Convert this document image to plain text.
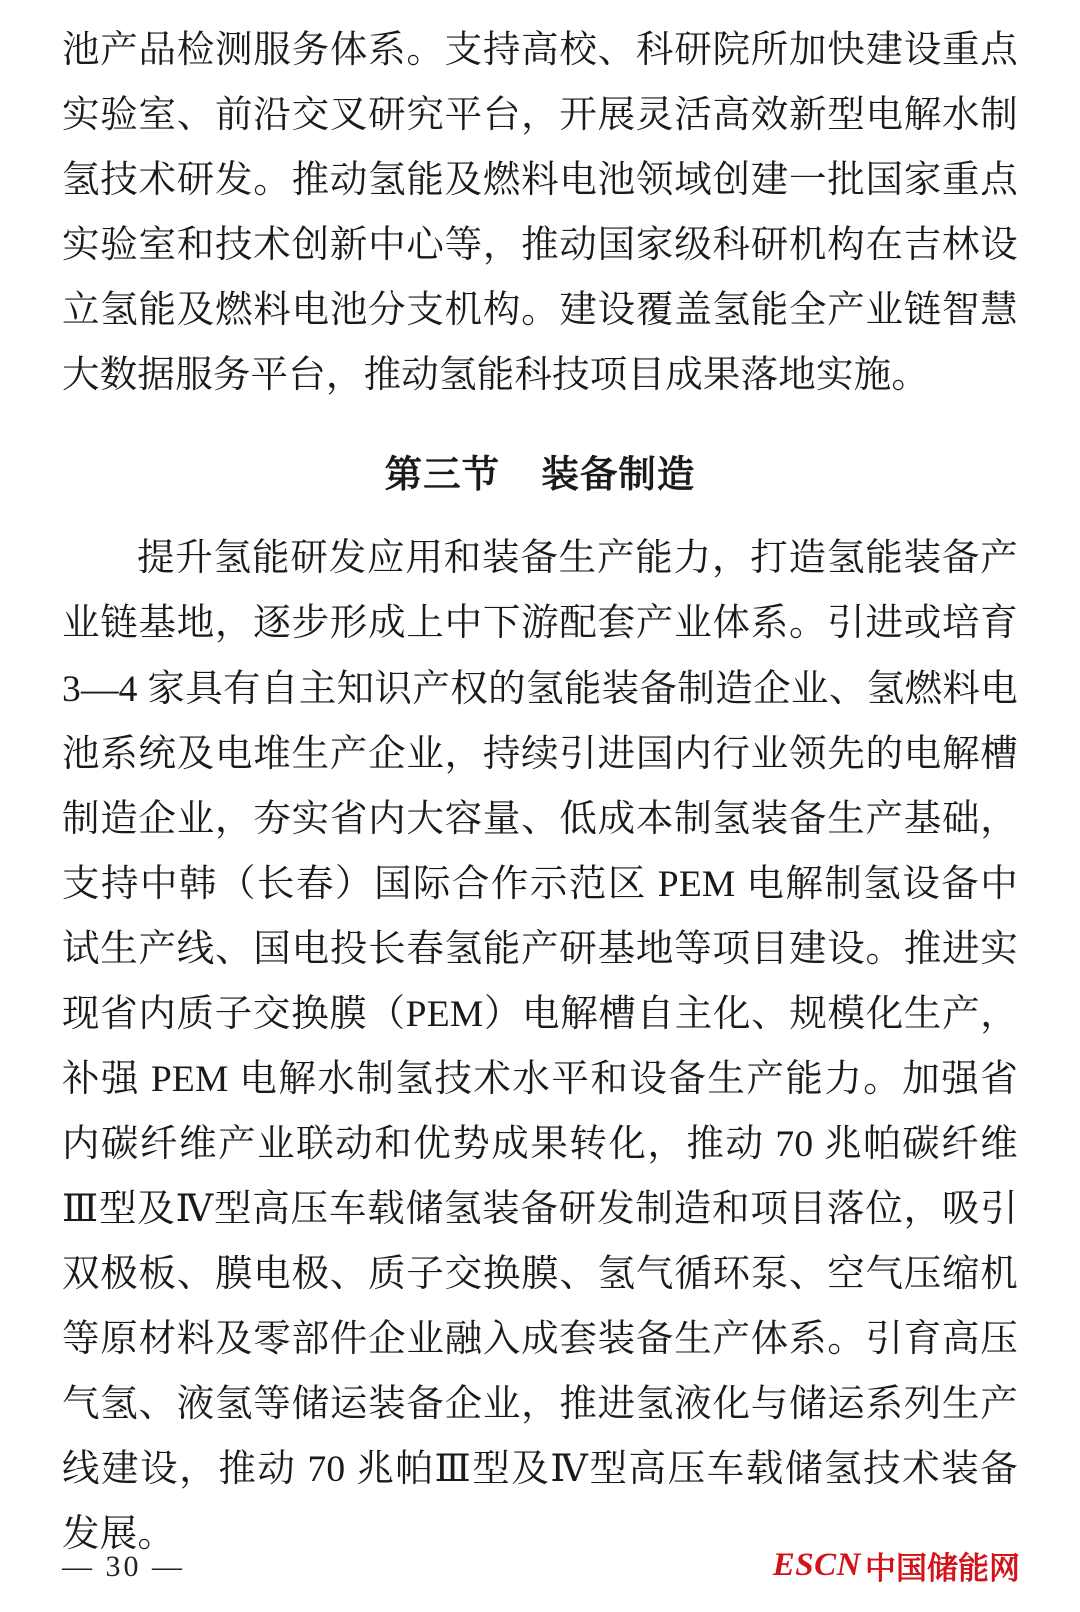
池产品检测服务体系。支持高校、科研院所加快建设重点实验室、前沿交叉研究平台，开展灵活高效新型电解水制氢技术研发。推动氢能及燃料电池领域创建一批国家重点实验室和技术创新中心等，推动国家级科研机构在吉林设立氢能及燃料电池分支机构。建设覆盖氢能全产业链智慧大数据服务平台，推动氢能科技项目成果落地实施。

第三节 装备制造

提升氢能研发应用和装备生产能力，打造氢能装备产业链基地，逐步形成上中下游配套产业体系。引进或培育 3—4 家具有自主知识产权的氢能装备制造企业、氢燃料电池系统及电堆生产企业，持续引进国内行业领先的电解槽制造企业，夯实省内大容量、低成本制氢装备生产基础，支持中韩（长春）国际合作示范区 PEM 电解制氢设备中试生产线、国电投长春氢能产研基地等项目建设。推进实现省内质子交换膜（PEM）电解槽自主化、规模化生产，补强 PEM 电解水制氢技术水平和设备生产能力。加强省内碳纤维产业联动和优势成果转化，推动 70 兆帕碳纤维Ⅲ型及Ⅳ型高压车载储氢装备研发制造和项目落位，吸引双极板、膜电极、质子交换膜、氢气循环泵、空气压缩机等原材料及零部件企业融入成套装备生产体系。引育高压气氢、液氢等储运装备企业，推进氢液化与储运系列生产线建设，推动 70 兆帕Ⅲ型及Ⅳ型高压车载储氢技术装备发展。

— 30 —	ESCN 中国储能网
